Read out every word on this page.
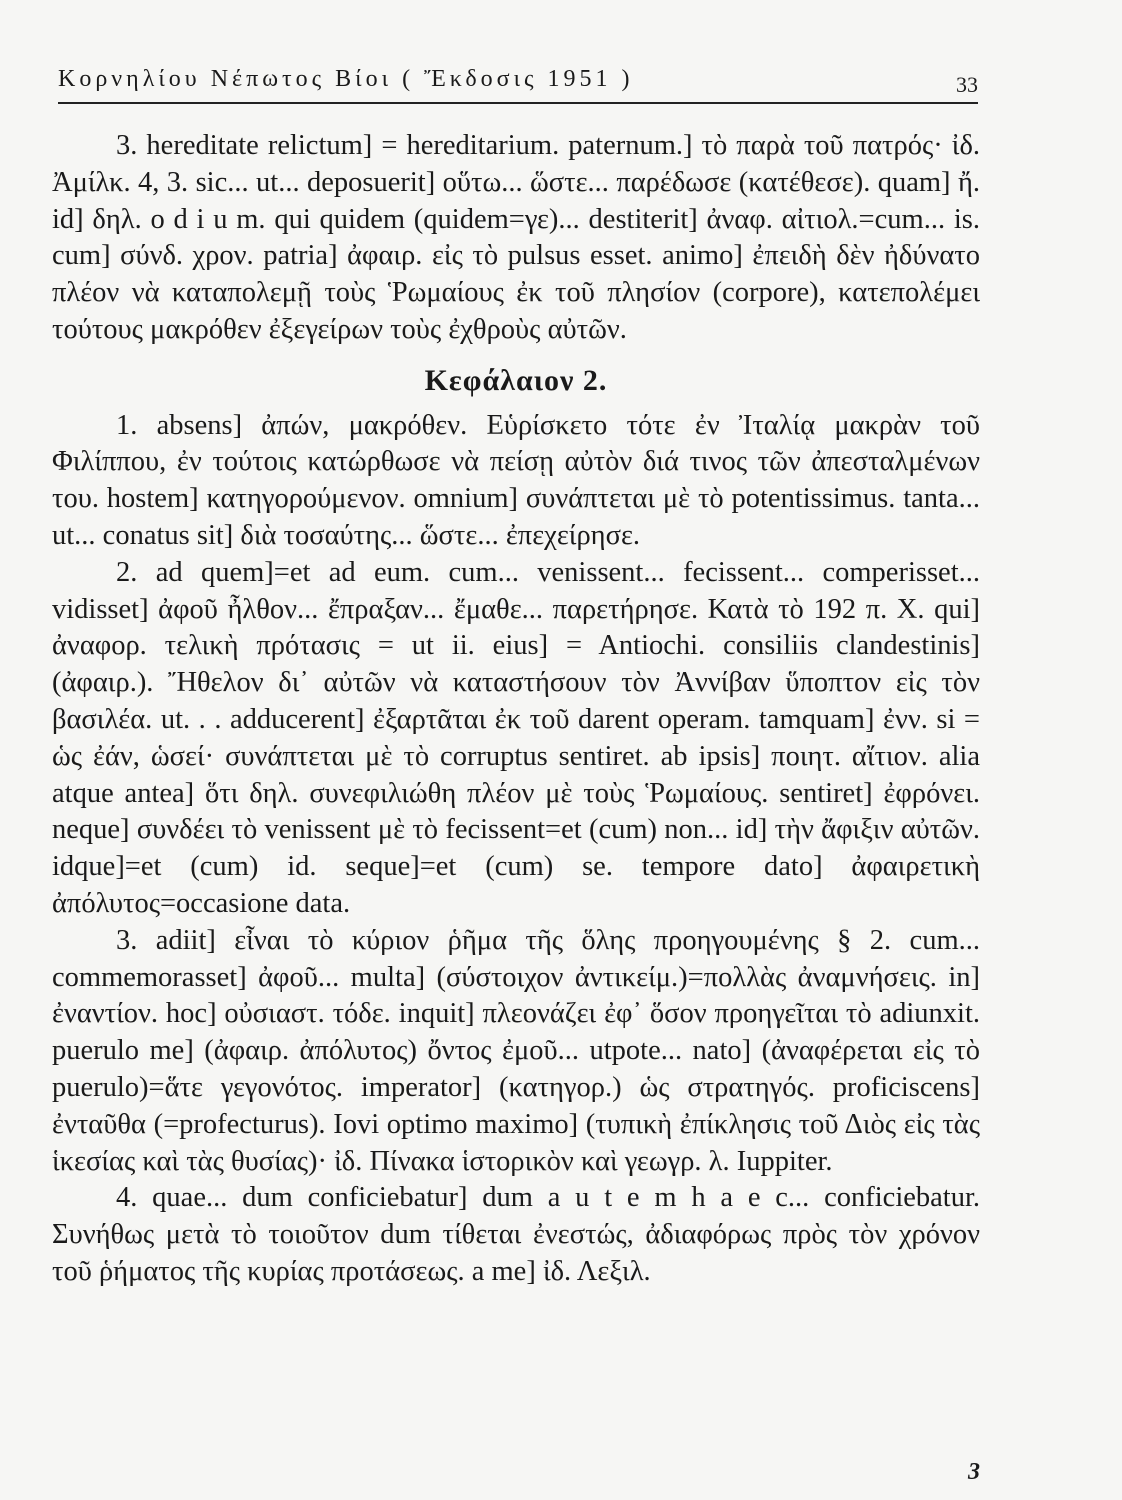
Κορνηλίου Νέπωτος Βίοι ( Ἔκδοσις 1951 )	33

3. hereditate relictum] = hereditarium. paternum.] τὸ παρὰ τοῦ πατρός· ἰδ. Ἀμίλκ. 4, 3. sic... ut... deposuerit] οὕτω... ὥστε... παρέδωσε (κατέθεσε). quam] ἤ. id] δηλ. o d i u m. qui quidem (quidem=γε)... destiterit] ἀναφ. αἰτιολ.=cum... is. cum] σύνδ. χρον. patria] ἀφαιρ. εἰς τὸ pulsus esset. animo] ἐπειδὴ δὲν ἠδύνατο πλέον νὰ καταπολεμῇ τοὺς Ῥωμαίους ἐκ τοῦ πλησίον (corpore), κατεπολέμει τούτους μακρόθεν ἐξεγείρων τοὺς ἐχθροὺς αὐτῶν.

Κεφάλαιον 2.

1. absens] ἀπών, μακρόθεν. Εὑρίσκετο τότε ἐν Ἰταλίᾳ μακρὰν τοῦ Φιλίππου, ἐν τούτοις κατώρθωσε νὰ πείσῃ αὐτὸν διά τινος τῶν ἀπεσταλμένων του. hostem] κατηγορούμενον. omnium] συνάπτεται μὲ τὸ potentissimus. tanta... ut... conatus sit] διὰ τοσαύτης... ὥστε... ἐπεχείρησε.

2. ad quem]=et ad eum. cum... venissent... fecissent... comperisset... vidisset] ἀφοῦ ἦλθον... ἔπραξαν... ἔμαθε... παρετήρησε. Κατὰ τὸ 192 π. Χ. qui] ἀναφορ. τελικὴ πρότασις = ut ii. eius] = Antiochi. consiliis clandestinis] (ἀφαιρ.). Ἤθελον δι᾽ αὐτῶν νὰ καταστήσουν τὸν Ἀννίβαν ὕποπτον εἰς τὸν βασιλέα. ut. . . adducerent] ἐξαρτᾶται ἐκ τοῦ darent operam. tamquam] ἐνν. si = ὡς ἐάν, ὡσεί· συνάπτεται μὲ τὸ corruptus sentiret. ab ipsis] ποιητ. αἴτιον. alia atque antea] ὅτι δηλ. συνεφιλιώθη πλέον μὲ τοὺς Ῥωμαίους. sentiret] ἐφρόνει. neque] συνδέει τὸ venissent μὲ τὸ fecissent=et (cum) non... id] τὴν ἄφιξιν αὐτῶν. idque]=et (cum) id. seque]=et (cum) se. tempore dato] ἀφαιρετικὴ ἀπόλυτος=occasione data.

3. adiit] εἶναι τὸ κύριον ῥῆμα τῆς ὅλης προηγουμένης § 2. cum... commemorasset] ἀφοῦ... multa] (σύστοιχον ἀντικείμ.)=πολλὰς ἀναμνήσεις. in] ἐναντίον. hoc] οὐσιαστ. τόδε. inquit] πλεονάζει ἐφ᾽ ὅσον προηγεῖται τὸ adiunxit. puerulo me] (ἀφαιρ. ἀπόλυτος) ὄντος ἐμοῦ... utpote... nato] (ἀναφέρεται εἰς τὸ puerulo)=ἅτε γεγονότος. imperator] (κατηγορ.) ὡς στρατηγός. proficiscens] ἐνταῦθα (=profecturus). Iovi optimo maximo] (τυπικὴ ἐπίκλησις τοῦ Διὸς εἰς τὰς ἱκεσίας καὶ τὰς θυσίας)· ἰδ. Πίνακα ἱστορικὸν καὶ γεωγρ. λ. Iuppiter.

4. quae... dum conficiebatur] dum a u t e m h a e c... conficiebatur. Συνήθως μετὰ τὸ τοιοῦτον dum τίθεται ἐνεστώς, ἀδιαφόρως πρὸς τὸν χρόνον τοῦ ῥήματος τῆς κυρίας προτάσεως. a me] ἰδ. Λεξιλ.

3
